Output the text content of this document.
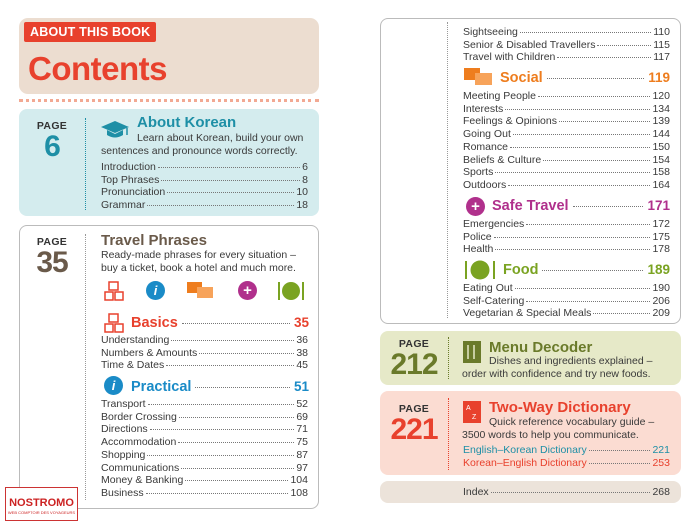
ABOUT THIS BOOK
Contents
PAGE
6
About Korean
Learn about Korean, build your own
sentences and pronounce words correctly.
Introduction	6
Top Phrases	8
Pronunciation	10
Grammar	18
PAGE
35
Travel Phrases
Ready-made phrases for every situation –
buy a ticket, book a hotel and much more.
i	+
Basics	35
Understanding	36
Numbers & Amounts	38
Time & Dates	45
i	Practical	51
Transport	52
Border Crossing	69
Directions	71
Accommodation	75
Shopping	87
Communications	97
Money & Banking	104
Business	108
Sightseeing	110
Senior & Disabled Travellers	115
Travel with Children	117
Social	119
Meeting People	120
Interests	134
Feelings & Opinions	139
Going Out	144
Romance	150
Beliefs & Culture	154
Sports	158
Outdoors	164
+ Safe Travel	171
Emergencies	172
Police	175
Health	178
Food	189
Eating Out	190
Self-Catering	206
Vegetarian & Special Meals	209
PAGE
212
Menu Decoder
Dishes and ingredients explained –
order with confidence and try new foods.
PAGE
221
A
Z
Two-Way Dictionary
Quick reference vocabulary guide –
3500 words to help you communicate.
English–Korean Dictionary	221
Korean–English Dictionary	253
Index	268
NOSTROMO
WEB COMPTOIR DES VOYAGEURS
